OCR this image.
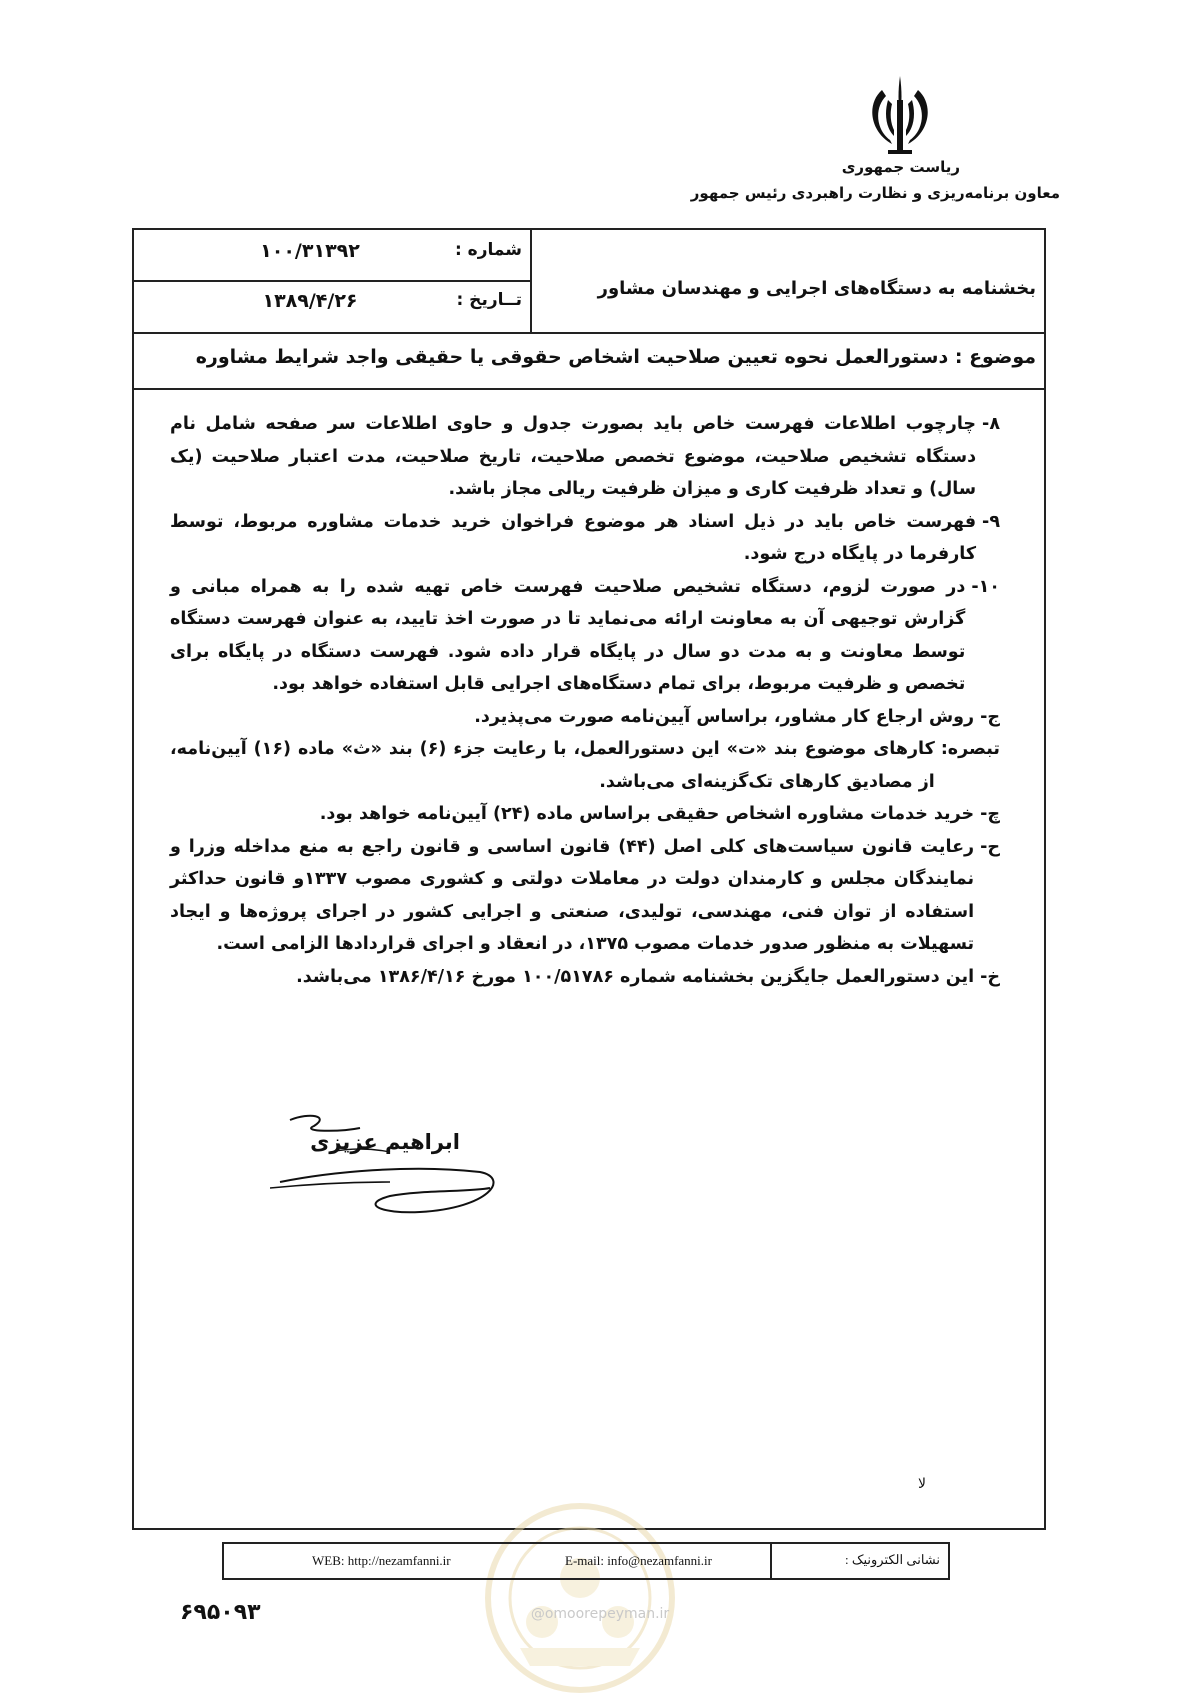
ریاست جمهوری
معاون برنامه‌ریزی و نظارت راهبردی رئیس جمهور
شماره :
۱۰۰/۳۱۳۹۲
تــاریخ :
۱۳۸۹/۴/۲۶
بخشنامه به دستگاه‌های اجرایی و مهندسان مشاور
موضوع : دستورالعمل نحوه تعیین صلاحیت اشخاص حقوقی یا حقیقی واجد شرایط مشاوره

۸-
چارچوب اطلاعات فهرست خاص باید بصورت جدول و حاوی اطلاعات سر صفحه شامل نام دستگاه تشخیص صلاحیت، موضوع تخصص صلاحیت، تاریخ صلاحیت، مدت اعتبار صلاحیت (یک سال) و تعداد ظرفیت کاری و میزان ظرفیت ریالی مجاز باشد.

۹-
فهرست خاص باید در ذیل اسناد هر موضوع فراخوان خرید خدمات مشاوره مربوط، توسط کارفرما در پایگاه درج شود.

۱۰-
در صورت لزوم، دستگاه تشخیص صلاحیت فهرست خاص تهیه شده را به همراه مبانی و گزارش توجیهی آن به معاونت ارائه می‌نماید تا در صورت اخذ تایید، به عنوان فهرست دستگاه توسط معاونت و به مدت دو سال در پایگاه قرار داده شود. فهرست دستگاه در پایگاه برای تخصص و ظرفیت مربوط، برای تمام دستگاه‌های اجرایی قابل استفاده خواهد بود.

ج-
روش ارجاع کار مشاور، براساس آیین‌نامه صورت می‌پذیرد.

تبصره:
کارهای موضوع بند «ت» این دستورالعمل، با رعایت جزء (۶) بند «ث» ماده (۱۶) آیین‌نامه، از مصادیق کارهای تک‌گزینه‌ای می‌باشد.

چ-
خرید خدمات مشاوره اشخاص حقیقی براساس ماده (۲۴) آیین‌نامه خواهد بود.

ح-
رعایت قانون سیاست‌های کلی اصل (۴۴) قانون اساسی و قانون راجع به منع مداخله وزرا و نمایندگان مجلس و کارمندان دولت در معاملات دولتی و کشوری مصوب ۱۳۳۷و قانون حداکثر استفاده از توان فنی، مهندسی، تولیدی، صنعتی و اجرایی کشور در اجرای پروژه‌ها و ایجاد تسهیلات به منظور صدور خدمات مصوب ۱۳۷۵، در انعقاد و اجرای قراردادها الزامی است.

خ-
این دستورالعمل جایگزین بخشنامه شماره ۱۰۰/۵۱۷۸۶ مورخ ۱۳۸۶/۴/۱۶ می‌باشد.

ابراهیم عزیزی
@omoorepeyman.ir
نشانی الکترونیک :
WEB: http://nezamfanni.ir	E-mail: info@nezamfanni.ir
ﻻ
۶۹۵۰۹۳
